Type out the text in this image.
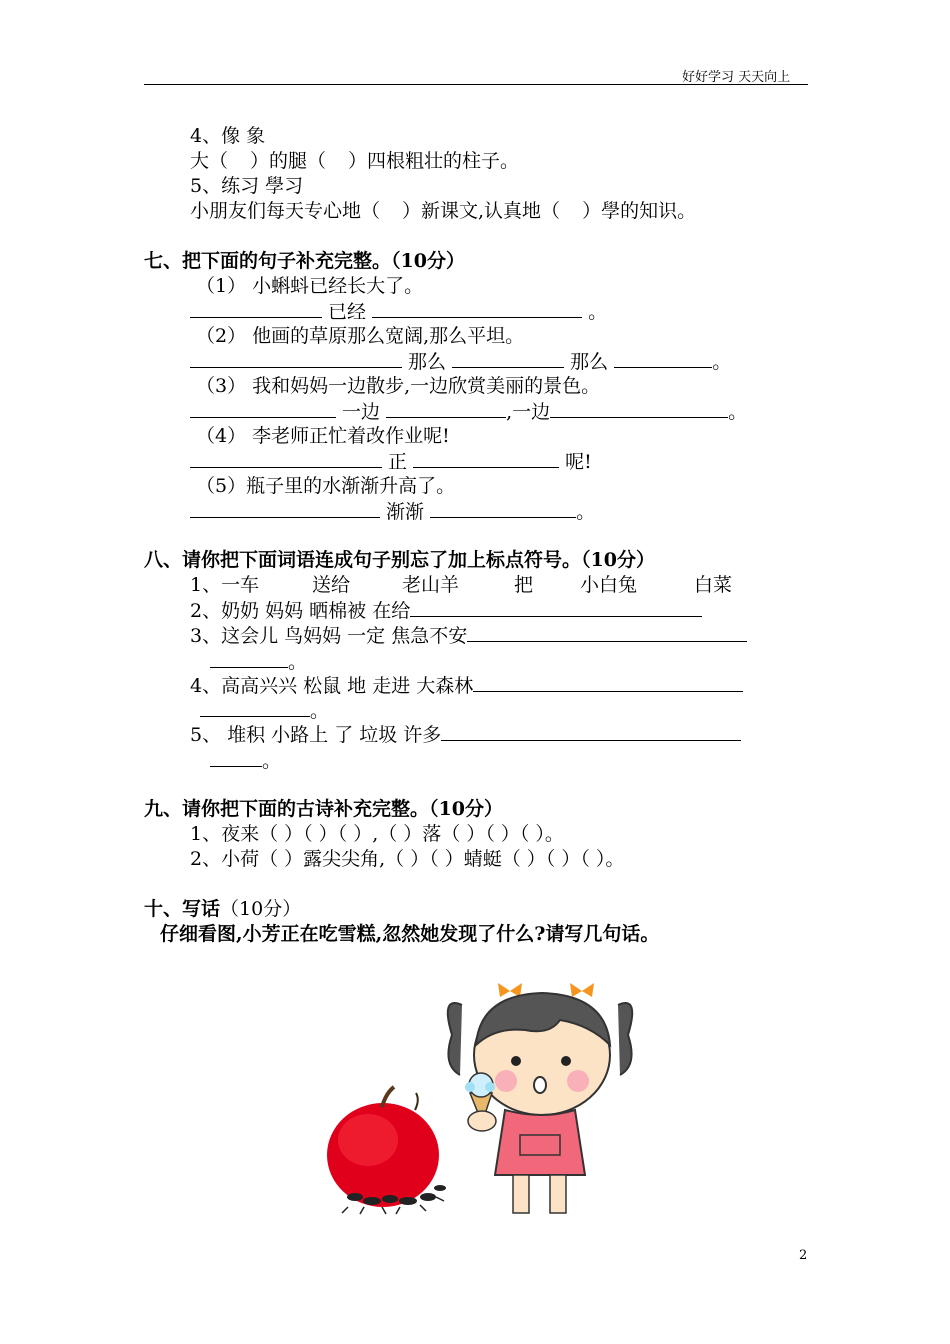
好好学习 天天向上
4、像 象
大（ ）的腿（ ）四根粗壮的柱子。
5、练习 學习
小朋友们每天专心地（ ）新课文,认真地（ ）學的知识。
七、把下面的句子补充完整。（10分）
（1） 小蝌蚪已经长大了。
已经	。
（2） 他画的草原那么宽阔,那么平坦。
那么	那么	。
（3） 我和妈妈一边散步,一边欣赏美丽的景色。
一边	,一边	。
（4） 李老师正忙着改作业呢!
正	呢!
（5）瓶子里的水渐渐升高了。
渐渐	。
八、请你把下面词语连成句子别忘了加上标点符号。（10分）
1、一车	送给	老山羊	把 小白兔	白菜
2、奶奶 妈妈 晒棉被 在给
3、这会儿 鸟妈妈 一定 焦急不安
。
4、高高兴兴 松鼠 地 走进 大森林
。
5、 堆积 小路上 了 垃圾 许多
。
九、请你把下面的古诗补充完整。（10分）
1、夜来（ ）（ ）（ ）,（ ）落（ ）（ ）（ ）。
2、小荷（ ）露尖尖角,（ ）（ ）蜻蜓（ ）（ ）（ ）。
十、写话（10分）
仔细看图,小芳正在吃雪糕,忽然她发现了什么?请写几句话。
2
